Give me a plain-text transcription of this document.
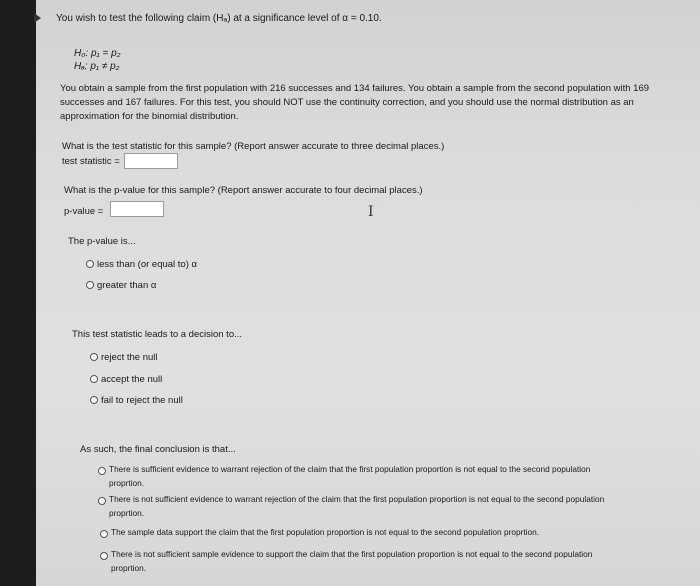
You wish to test the following claim (Hₐ) at a significance level of α = 0.10.
H₀: p₁ = p₂
Hₐ: p₁ ≠ p₂
You obtain a sample from the first population with 216 successes and 134 failures. You obtain a sample from the second population with 169
successes and 167 failures. For this test, you should NOT use the continuity correction, and you should use the normal distribution as an
approximation for the binomial distribution.
What is the test statistic for this sample? (Report answer accurate to three decimal places.)
test statistic =
What is the p-value for this sample? (Report answer accurate to four decimal places.)
p-value =	I
The p-value is...
less than (or equal to) α
greater than α
This test statistic leads to a decision to...
reject the null
accept the null
fail to reject the null
As such, the final conclusion is that...
There is sufficient evidence to warrant rejection of the claim that the first population proportion is not equal to the second population
proprtion.
There is not sufficient evidence to warrant rejection of the claim that the first population proportion is not equal to the second population
proprtion.
The sample data support the claim that the first population proportion is not equal to the second population proprtion.
There is not sufficient sample evidence to support the claim that the first population proportion is not equal to the second population
proprtion.
